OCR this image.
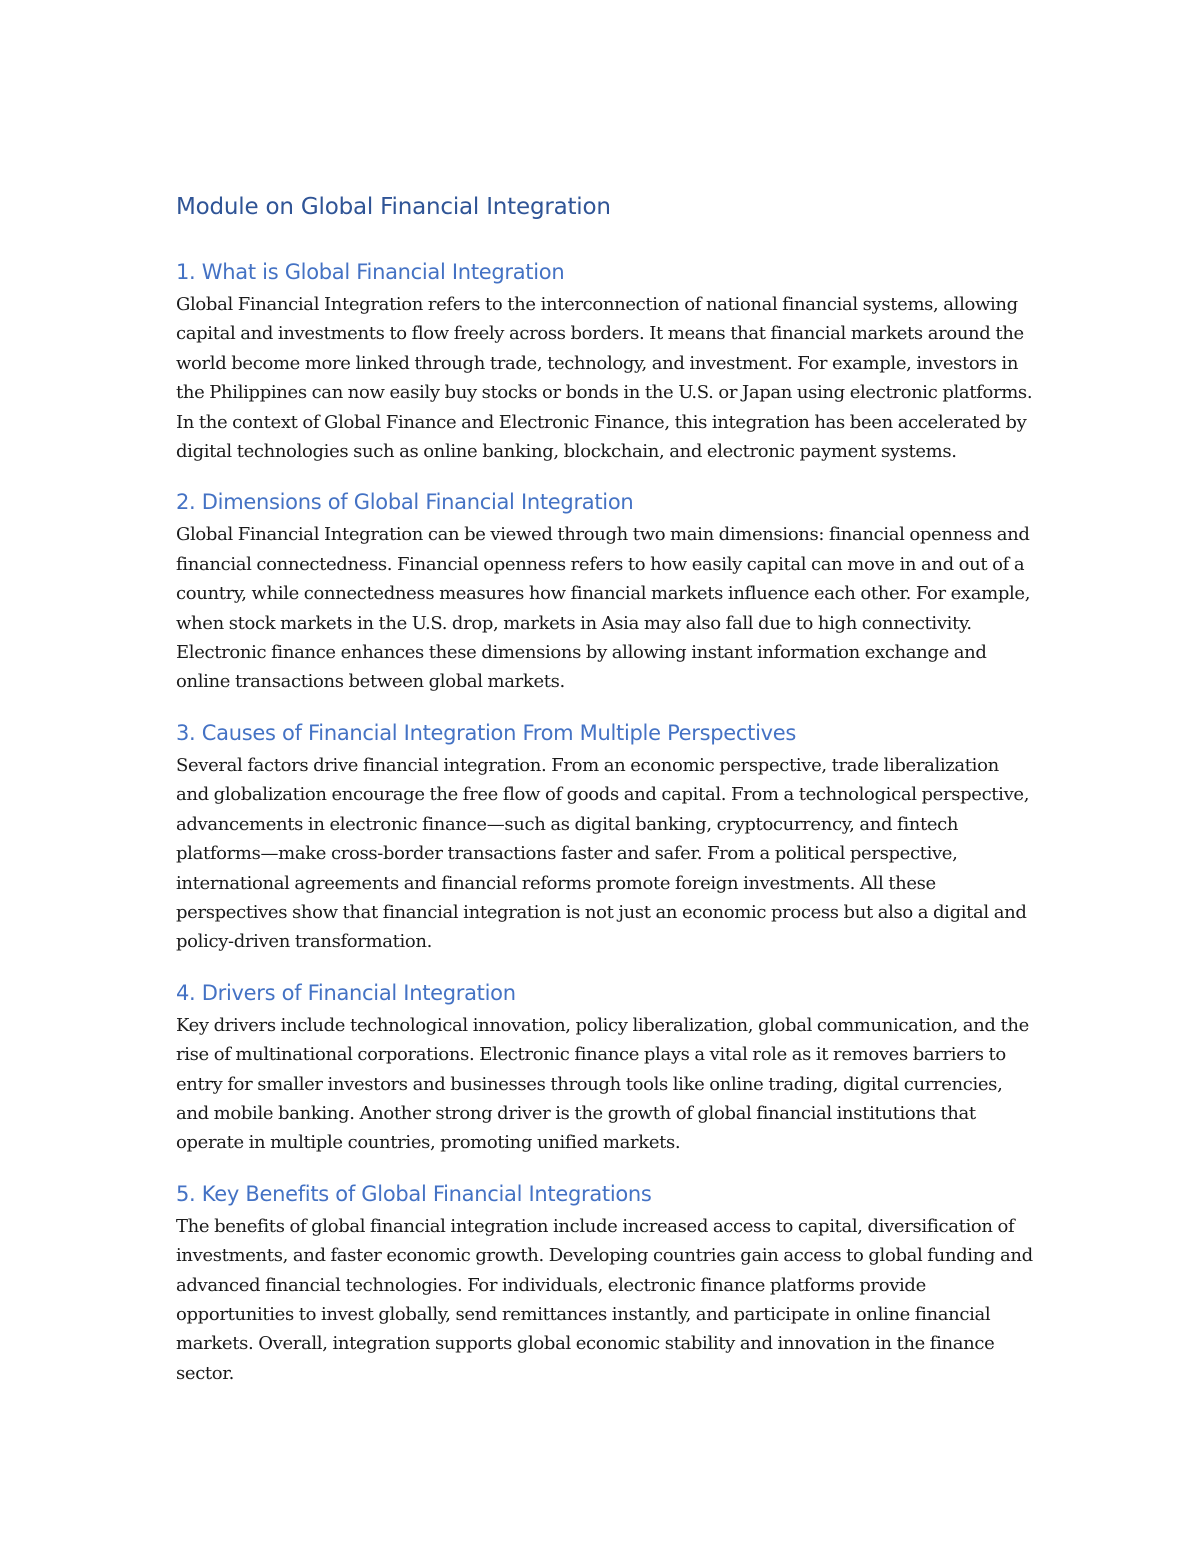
Module on Global Financial Integration
1. What is Global Financial Integration

Global Financial Integration refers to the interconnection of national financial systems, allowing capital and investments to flow freely across borders. It means that financial markets around the world become more linked through trade, technology, and investment. For example, investors in the Philippines can now easily buy stocks or bonds in the U.S. or Japan using electronic platforms. In the context of Global Finance and Electronic Finance, this integration has been accelerated by digital technologies such as online banking, blockchain, and electronic payment systems.

2. Dimensions of Global Financial Integration

Global Financial Integration can be viewed through two main dimensions: financial openness and financial connectedness. Financial openness refers to how easily capital can move in and out of a country, while connectedness measures how financial markets influence each other. For example, when stock markets in the U.S. drop, markets in Asia may also fall due to high connectivity. Electronic finance enhances these dimensions by allowing instant information exchange and online transactions between global markets.

3. Causes of Financial Integration From Multiple Perspectives

Several factors drive financial integration. From an economic perspective, trade liberalization and globalization encourage the free flow of goods and capital. From a technological perspective, advancements in electronic finance—such as digital banking, cryptocurrency, and fintech platforms—make cross-border transactions faster and safer. From a political perspective, international agreements and financial reforms promote foreign investments. All these perspectives show that financial integration is not just an economic process but also a digital and policy-driven transformation.

4. Drivers of Financial Integration

Key drivers include technological innovation, policy liberalization, global communication, and the rise of multinational corporations. Electronic finance plays a vital role as it removes barriers to entry for smaller investors and businesses through tools like online trading, digital currencies, and mobile banking. Another strong driver is the growth of global financial institutions that operate in multiple countries, promoting unified markets.

5. Key Benefits of Global Financial Integrations

The benefits of global financial integration include increased access to capital, diversification of investments, and faster economic growth. Developing countries gain access to global funding and advanced financial technologies. For individuals, electronic finance platforms provide opportunities to invest globally, send remittances instantly, and participate in online financial markets. Overall, integration supports global economic stability and innovation in the finance sector.
